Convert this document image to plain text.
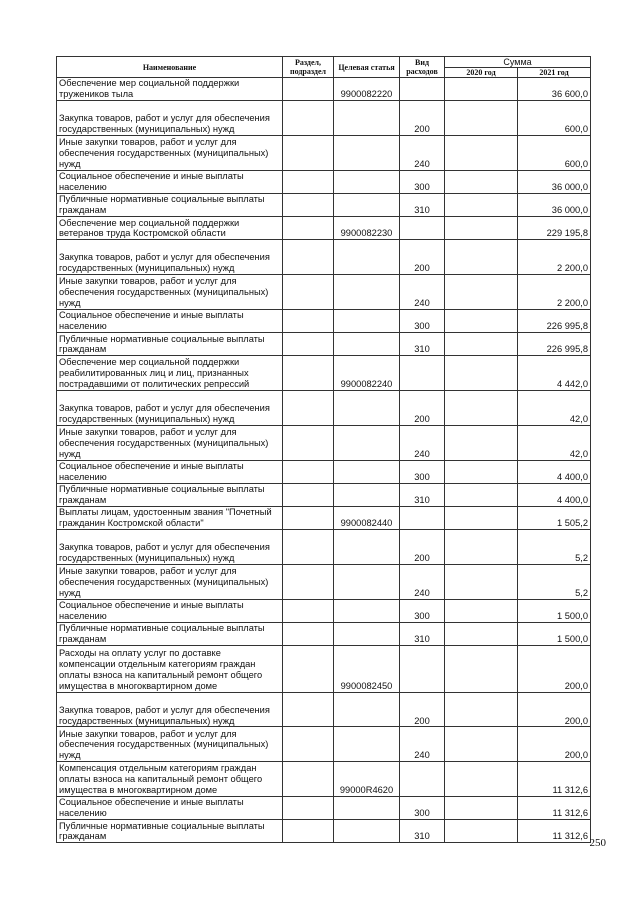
Наименование	Раздел, подраздел	Целевая статья	Вид расходов	Сумма	
				2020 год	2021 год
Обеспечение мер социальной поддержки тружеников тыла		9900082220			36 600,0
Закупка товаров, работ и услуг для обеспечения государственных (муниципальных) нужд			200		600,0
Иные закупки товаров, работ и услуг для обеспечения государственных (муниципальных) нужд			240		600,0
Социальное обеспечение и иные выплаты населению			300		36 000,0
Публичные нормативные социальные выплаты гражданам			310		36 000,0
Обеспечение мер социальной поддержки ветеранов труда Костромской области		9900082230			229 195,8
Закупка товаров, работ и услуг для обеспечения государственных (муниципальных) нужд			200		2 200,0
Иные закупки товаров, работ и услуг для обеспечения государственных (муниципальных) нужд			240		2 200,0
Социальное обеспечение и иные выплаты населению			300		226 995,8
Публичные нормативные социальные выплаты гражданам			310		226 995,8
Обеспечение мер социальной поддержки реабилитированных лиц и лиц, признанных пострадавшими от политических репрессий		9900082240			4 442,0
Закупка товаров, работ и услуг для обеспечения государственных (муниципальных) нужд			200		42,0
Иные закупки товаров, работ и услуг для обеспечения государственных (муниципальных) нужд			240		42,0
Социальное обеспечение и иные выплаты населению			300		4 400,0
Публичные нормативные социальные выплаты гражданам			310		4 400,0
Выплаты лицам, удостоенным звания "Почетный гражданин Костромской области"		9900082440			1 505,2
Закупка товаров, работ и услуг для обеспечения государственных (муниципальных) нужд			200		5,2
Иные закупки товаров, работ и услуг для обеспечения государственных (муниципальных) нужд			240		5,2
Социальное обеспечение и иные выплаты населению			300		1 500,0
Публичные нормативные социальные выплаты гражданам			310		1 500,0
Расходы на оплату услуг по доставке компенсации отдельным категориям граждан оплаты взноса на капитальный ремонт общего имущества в многоквартирном доме		9900082450			200,0
Закупка товаров, работ и услуг для обеспечения государственных (муниципальных) нужд			200		200,0
Иные закупки товаров, работ и услуг для обеспечения государственных (муниципальных) нужд			240		200,0
Компенсация отдельным категориям граждан оплаты взноса на капитальный ремонт общего имущества в многоквартирном доме		99000R4620			11 312,6
Социальное обеспечение и иные выплаты населению			300		11 312,6
Публичные нормативные социальные выплаты гражданам			310		11 312,6
250
